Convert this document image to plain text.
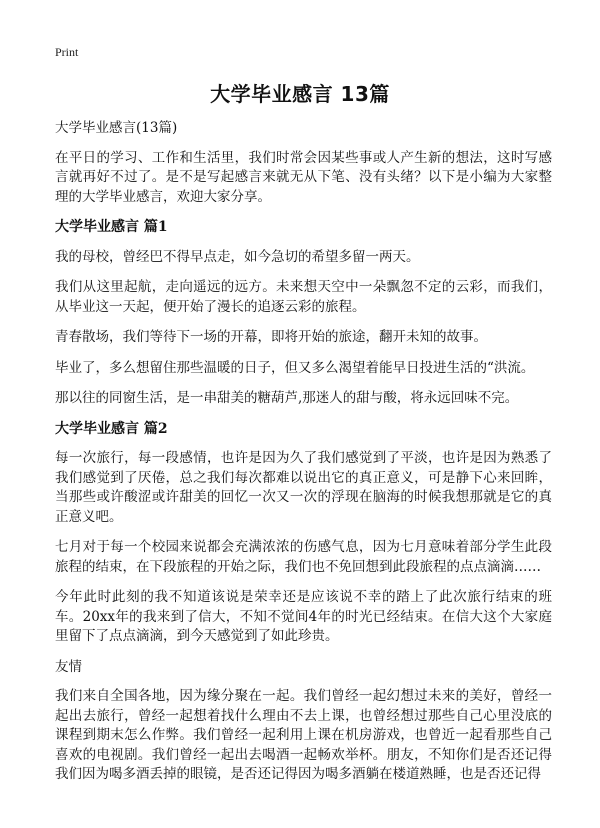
Print
大学毕业感言 13篇

大学毕业感言(13篇)

在平日的学习、工作和生活里，我们时常会因某些事或人产生新的想法，这时写感言就再好不过了。是不是写起感言来就无从下笔、没有头绪？以下是小编为大家整理的大学毕业感言，欢迎大家分享。

大学毕业感言 篇1

我的母校，曾经巴不得早点走，如今急切的希望多留一两天。

我们从这里起航，走向遥远的远方。未来想天空中一朵飘忽不定的云彩，而我们，从毕业这一天起，便开始了漫长的追逐云彩的旅程。

青春散场，我们等待下一场的开幕，即将开始的旅途，翻开未知的故事。

毕业了，多么想留住那些温暖的日子，但又多么渴望着能早日投进生活的“洪流。

那以往的同窗生活，是一串甜美的糖葫芦,那迷人的甜与酸，将永远回味不完。

大学毕业感言 篇2

每一次旅行，每一段感情，也许是因为久了我们感觉到了平淡，也许是因为熟悉了我们感觉到了厌倦，总之我们每次都难以说出它的真正意义，可是静下心来回眸，当那些或许酸涩或许甜美的回忆一次又一次的浮现在脑海的时候我想那就是它的真正意义吧。

七月对于每一个校园来说都会充满浓浓的伤感气息，因为七月意味着部分学生此段旅程的结束，在下段旅程的开始之际，我们也不免回想到此段旅程的点点滴滴……

今年此时此刻的我不知道该说是荣幸还是应该说不幸的踏上了此次旅行结束的班车。20xx年的我来到了信大，不知不觉间4年的时光已经结束。在信大这个大家庭里留下了点点滴滴，到今天感觉到了如此珍贵。

友情

我们来自全国各地，因为缘分聚在一起。我们曾经一起幻想过未来的美好，曾经一起出去旅行，曾经一起想着找什么理由不去上课，也曾经想过那些自己心里没底的课程到期末怎么作弊。我们曾经一起利用上课在机房游戏，也曾近一起看那些自己喜欢的电视剧。我们曾经一起出去喝酒一起畅欢举杯。朋友，不知你们是否还记得我们因为喝多酒丢掉的眼镜，是否还记得因为喝多酒躺在楼道熟睡，也是否还记得
